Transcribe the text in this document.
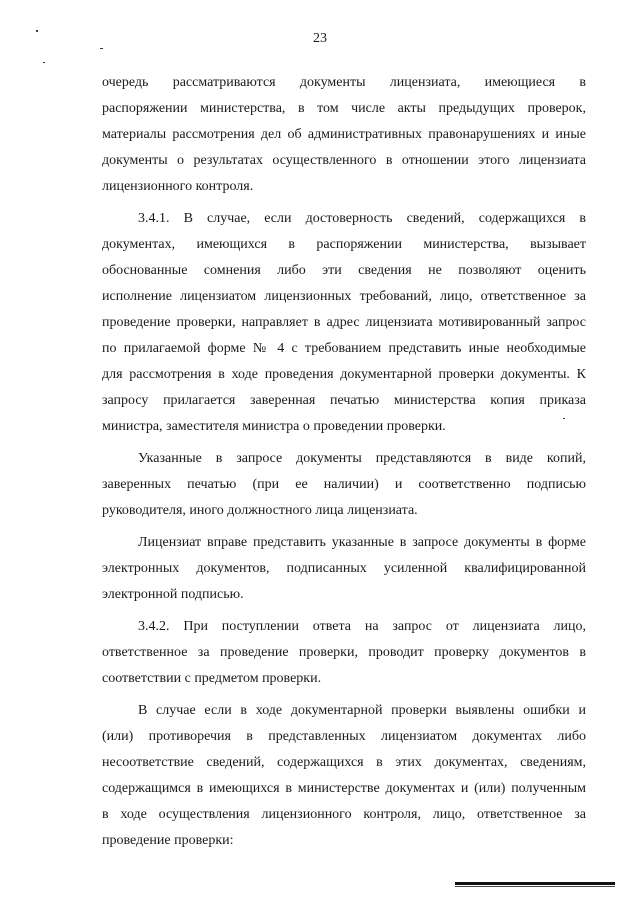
23
очередь рассматриваются документы лицензиата, имеющиеся в
распоряжении министерства, в том числе акты предыдущих проверок,
материалы рассмотрения дел об административных правонарушениях и иные
документы о результатах осуществленного в отношении этого лицензиата
лицензионного контроля.
3.4.1. В случае, если достоверность сведений, содержащихся в
документах, имеющихся в распоряжении министерства, вызывает
обоснованные сомнения либо эти сведения не позволяют оценить
исполнение лицензиатом лицензионных требований, лицо, ответственное за
проведение проверки, направляет в адрес лицензиата мотивированный запрос
по прилагаемой форме № 4 с требованием представить иные необходимые
для рассмотрения в ходе проведения документарной проверки документы. К
запросу прилагается заверенная печатью министерства копия приказа
министра, заместителя министра о проведении проверки.
Указанные в запросе документы представляются в виде копий,
заверенных печатью (при ее наличии) и соответственно подписью
руководителя, иного должностного лица лицензиата.
Лицензиат вправе представить указанные в запросе документы в форме
электронных документов, подписанных усиленной квалифицированной
электронной подписью.
3.4.2. При поступлении ответа на запрос от лицензиата лицо,
ответственное за проведение проверки, проводит проверку документов в
соответствии с предметом проверки.
В случае если в ходе документарной проверки выявлены ошибки и
(или) противоречия в представленных лицензиатом документах либо
несоответствие сведений, содержащихся в этих документах, сведениям,
содержащимся в имеющихся в министерстве документах и (или) полученным
в ходе осуществления лицензионного контроля, лицо, ответственное за
проведение проверки:
